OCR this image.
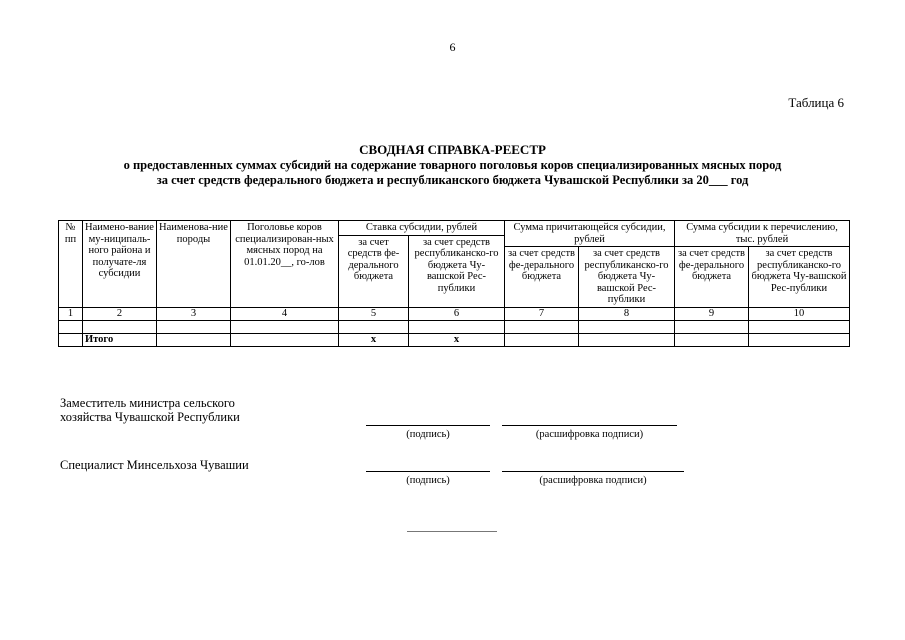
6
Таблица 6
СВОДНАЯ СПРАВКА-РЕЕСТР
о предоставленных суммах субсидий на содержание товарного поголовья коров специализированных мясных пород
за счет средств федерального бюджета и республиканского бюджета Чувашской Республики за 20___ год
№ пп	Наимено-вание му-ниципаль-ного района и получате-ля субсидии	Наименова-ние породы	Поголовье коров специализирован-ных мясных пород на 01.01.20__, го-лов	Ставка субсидии, рублей		Сумма причитающейся субсидии, рублей		Сумма субсидии к перечислению, тыс. рублей	
				за счет средств фе-дерального бюджета	за счет средств республиканско-го бюджета Чу-вашской Рес-публики				
						за счет средств фе-дерального бюджета	за счет средств республиканско-го бюджета Чу-вашской Рес-публики	за счет средств фе-дерального бюджета	за счет средств республиканско-го бюджета Чу-вашской Рес-публики
1	2	3	4	5	6	7	8	9	10

	Итого			x	x				
Заместитель министра сельского
хозяйства Чувашской Республики
(подпись)	(расшифровка подписи)
Специалист Минсельхоза Чувашии
(подпись)	(расшифровка подписи)
